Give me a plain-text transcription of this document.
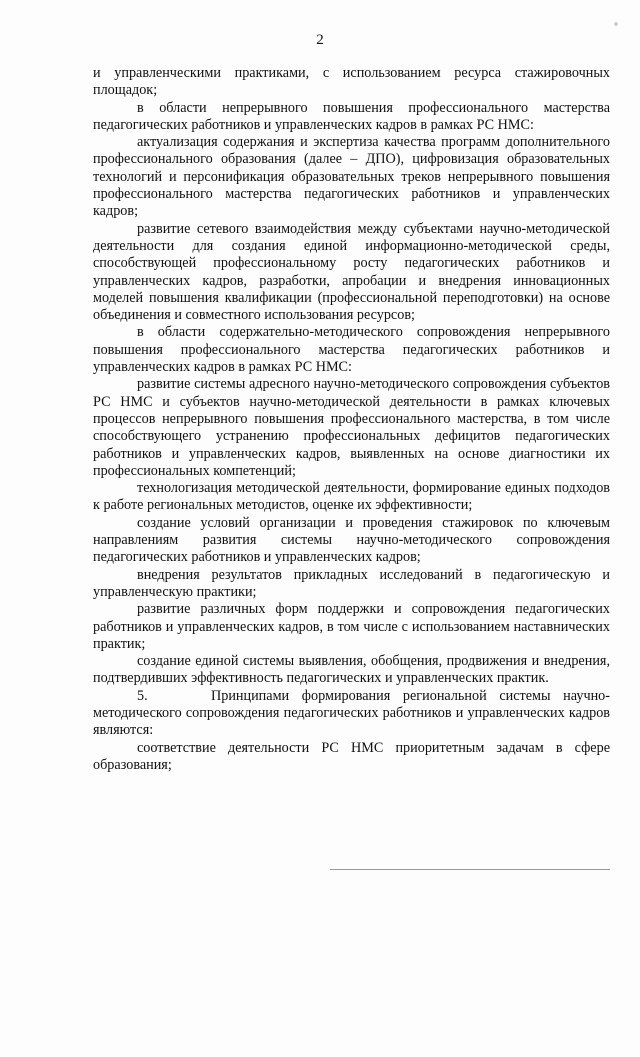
2

и управленческими практиками, с использованием ресурса стажировочных площадок;

в области непрерывного повышения профессионального мастерства педагогических работников и управленческих кадров в рамках РС НМС:

актуализация содержания и экспертиза качества программ дополнительного профессионального образования (далее – ДПО), цифровизация образовательных технологий и персонификация образовательных треков непрерывного повышения профессионального мастерства педагогических работников и управленческих кадров;

развитие сетевого взаимодействия между субъектами научно-методической деятельности для создания единой информационно-методической среды, способствующей профессиональному росту педагогических работников и управленческих кадров, разработки, апробации и внедрения инновационных моделей повышения квалификации (профессиональной переподготовки) на основе объединения и совместного использования ресурсов;

в области содержательно-методического сопровождения непрерывного повышения профессионального мастерства педагогических работников и управленческих кадров в рамках РС НМС:

развитие системы адресного научно-методического сопровождения субъектов РС НМС и субъектов научно-методической деятельности в рамках ключевых процессов непрерывного повышения профессионального мастерства, в том числе способствующего устранению профессиональных дефицитов педагогических работников и управленческих кадров, выявленных на основе диагностики их профессиональных компетенций;

технологизация методической деятельности, формирование единых подходов к работе региональных методистов, оценке их эффективности;

создание условий организации и проведения стажировок по ключевым направлениям развития системы научно-методического сопровождения педагогических работников и управленческих кадров;

внедрения результатов прикладных исследований в педагогическую и управленческую практики;

развитие различных форм поддержки и сопровождения педагогических работников и управленческих кадров, в том числе с использованием наставнических практик;

создание единой системы выявления, обобщения, продвижения и внедрения, подтвердивших эффективность педагогических и управленческих практик.

5.     Принципами формирования региональной системы научно-методического сопровождения педагогических работников и управленческих кадров являются:

соответствие деятельности РС НМС приоритетным задачам в сфере образования;
